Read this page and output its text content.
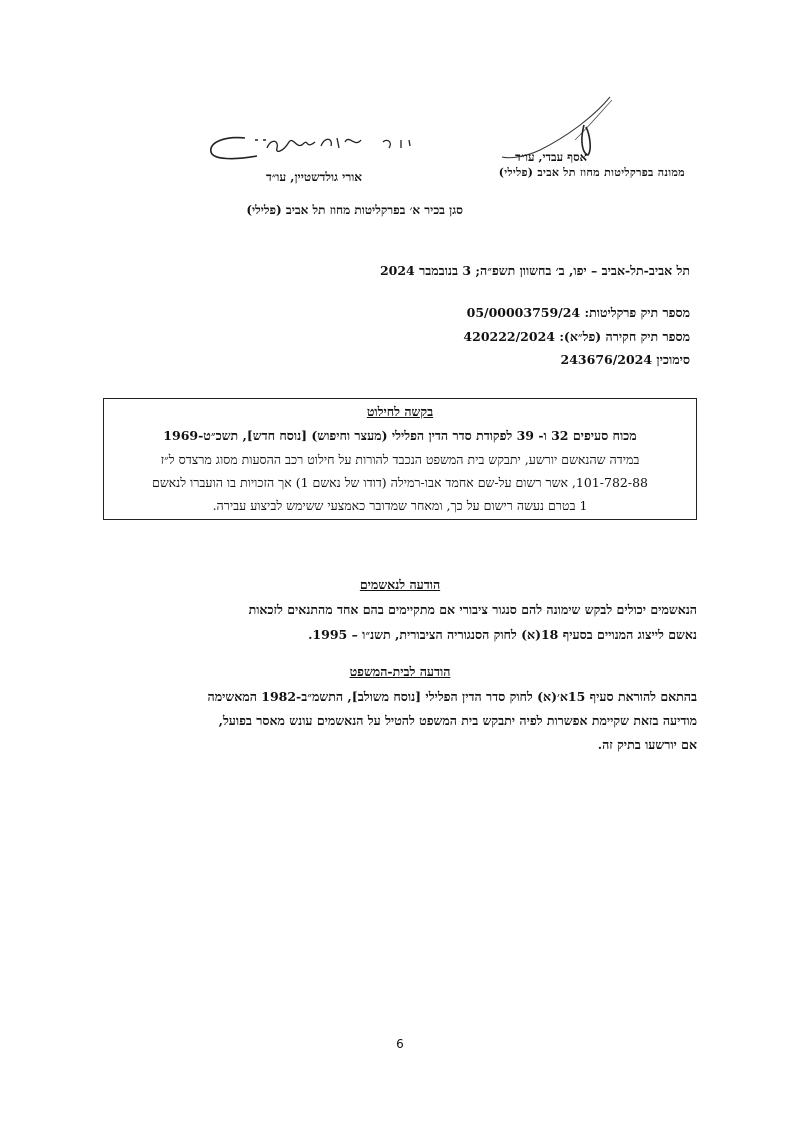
אסף עבדי, עו״ד
ממונה בפרקליטות מחוז תל אביב (פלילי)
אורי גולדשטיין, עו״ד
סגן בכיר א׳ בפרקליטות מחוז תל אביב (פלילי)
תל אביב-תל-אביב – יפו, ב׳ בחשוון תשפ״ה; 3 בנובמבר 2024
מספר תיק פרקליטות: 05/00003759/24
מספר תיק חקירה (פל״א): 420222/2024
סימוכין 243676/2024
בקשה לחילוט
מכוח סעיפים 32 ו- 39 לפקודת סדר הדין הפלילי (מעצר וחיפוש) [נוסח חדש], תשכ״ט-1969
במידה שהנאשם יורשע, יתבקש בית המשפט הנכבד להורות על חילוט רכב ההסעות מסוג מרצדס ל״ז
101-782-88, אשר רשום על-שם אחמד אבו-רמילה (דודו של נאשם 1) אך הזכויות בו הועברו לנאשם
1 בטרם נעשה רישום על כך, ומאחר שמדובר כאמצעי ששימש לביצוע עבירה.
הודעה לנאשמים
הנאשמים יכולים לבקש שימונה להם סנגור ציבורי אם מתקיימים בהם אחד מהתנאים לזכאות
נאשם לייצוג המנויים בסעיף 18(א) לחוק הסנגוריה הציבורית, תשנ״ו – 1995.
הודעה לבית-המשפט
בהתאם להוראת סעיף 15א׳(א) לחוק סדר הדין הפלילי [נוסח משולב], התשמ״ב-1982 המאשימה
מודיעה בזאת שקיימת אפשרות לפיה יתבקש בית המשפט להטיל על הנאשמים עונש מאסר בפועל,
אם יורשעו בתיק זה.
6
